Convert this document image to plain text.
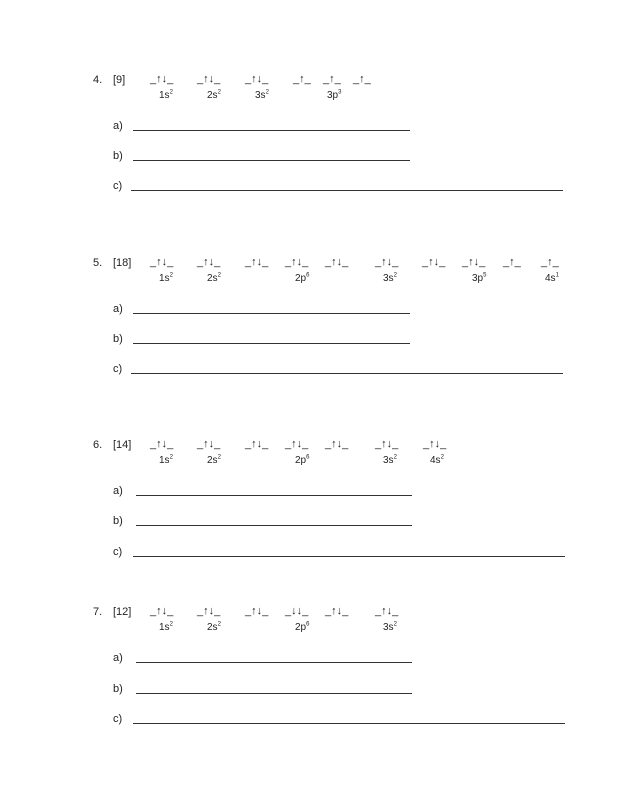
4. [9] _↑↓_ _↑↓_ _↑↓_ _↑_ _↑_ _↑_
$1s^2$	$2s^2$	$3s^2$	$3p^3$
a)
b)
c)
5. [18] _↑↓_ _↑↓_ _↑↓_ _↑↓_ _↑↓_ _↑↓_ _↑↓_ _↑↓_ _↑_ _↑_
$1s^2$	$2s^2$	$2p^6$	$3s^2$	$3p^5$	$4s^1$
a)
b)
c)
6. [14] _↑↓_ _↑↓_ _↑↓_ _↑↓_ _↑↓_ _↑↓_ _↑↓_
$1s^2$	$2s^2$	$2p^6$	$3s^2$	$4s^2$
a)
b)
c)
7. [12] _↑↓_ _↑↓_ _↑↓_ _↓↓_ _↑↓_ _↑↓_
$1s^2$	$2s^2$	$2p^6$	$3s^2$
a)
b)
c)
